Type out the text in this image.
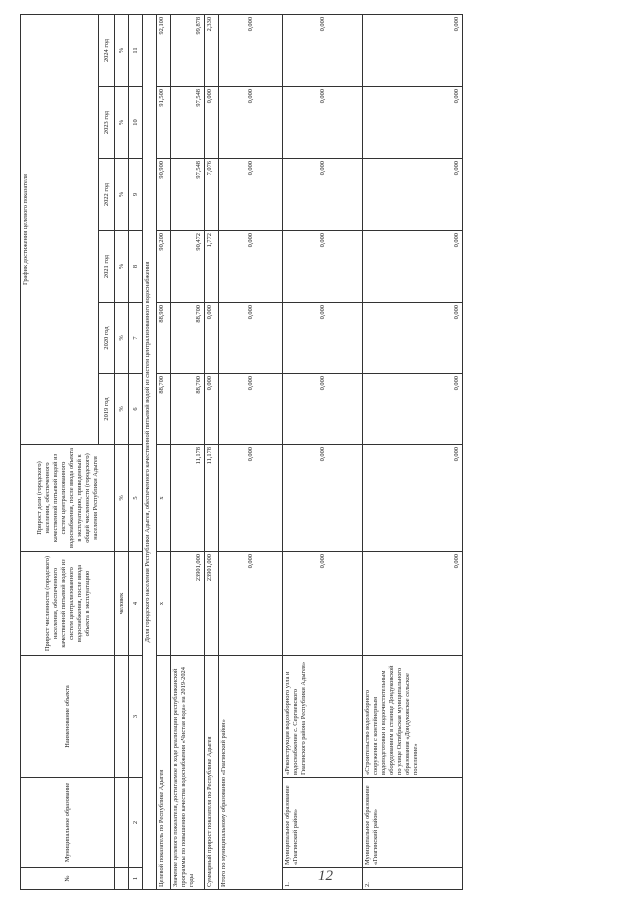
№	Муниципальное образование	Наименование объекта	Прирост численности (городского) населения, обеспеченного качественной питьевой водой из систем централизованного водоснабжения, после ввода объекта в эксплуатацию	Прирост доли (городского) населения, обеспеченного качественной питьевой водой из систем централизованного водоснабжения, после ввода объекта в эксплуатацию, приведенный к общей численности (городского) населения Республики Адыгея	График достижения целевого показателя					
					2019 год	2020 год	2021 год	2022 год	2023 год	2024 год
			человек	%	%	%	%	%	%	%
1	2	3	4	5	6	7	8	9	10	11
Доля городского населения Республики Адыгея, обеспеченного качественной питьевой водой из систем централизованного водоснабжения										
Целевой показатель по Республике Адыгея			x	x	88,700	88,900	90,200	90,900	91,500	92,100
Значение целевого показателя, достигаемое в ходе реализации республиканской программы по повышению качества водоснабжения «Чистая вода» на 2019-2024 годы			23901,000	11,178	88,700	88,700	90,472	97,548	97,548	99,878
Суммарный прирост показателя по Республике Адыгея			23901,000	11,178	0,000	0,000	1,772	7,076	0,000	2,330
Итого по муниципальному образованию «Гиагинский район»			0,000	0,000	0,000	0,000	0,000	0,000	0,000	0,000
1.	Муниципальное образование «Гиагинский район»	«Реконструкция водозаборного узла и водоснабжение с. Сергиевского Гиагинского района Республики Адыгея»	0,000	0,000	0,000	0,000	0,000	0,000	0,000	0,000
2.	Муниципальное образование «Гиагинский район»	«Строительство водозаборного сооружения с контейнерным водоподготовки и водоочистительным оборудованием в станице Дондуковской по улице Октябрьская муниципального образования «Дондуковское сельское поселение»	0,000	0,000	0,000	0,000	0,000	0,000	0,000	0,000
12
